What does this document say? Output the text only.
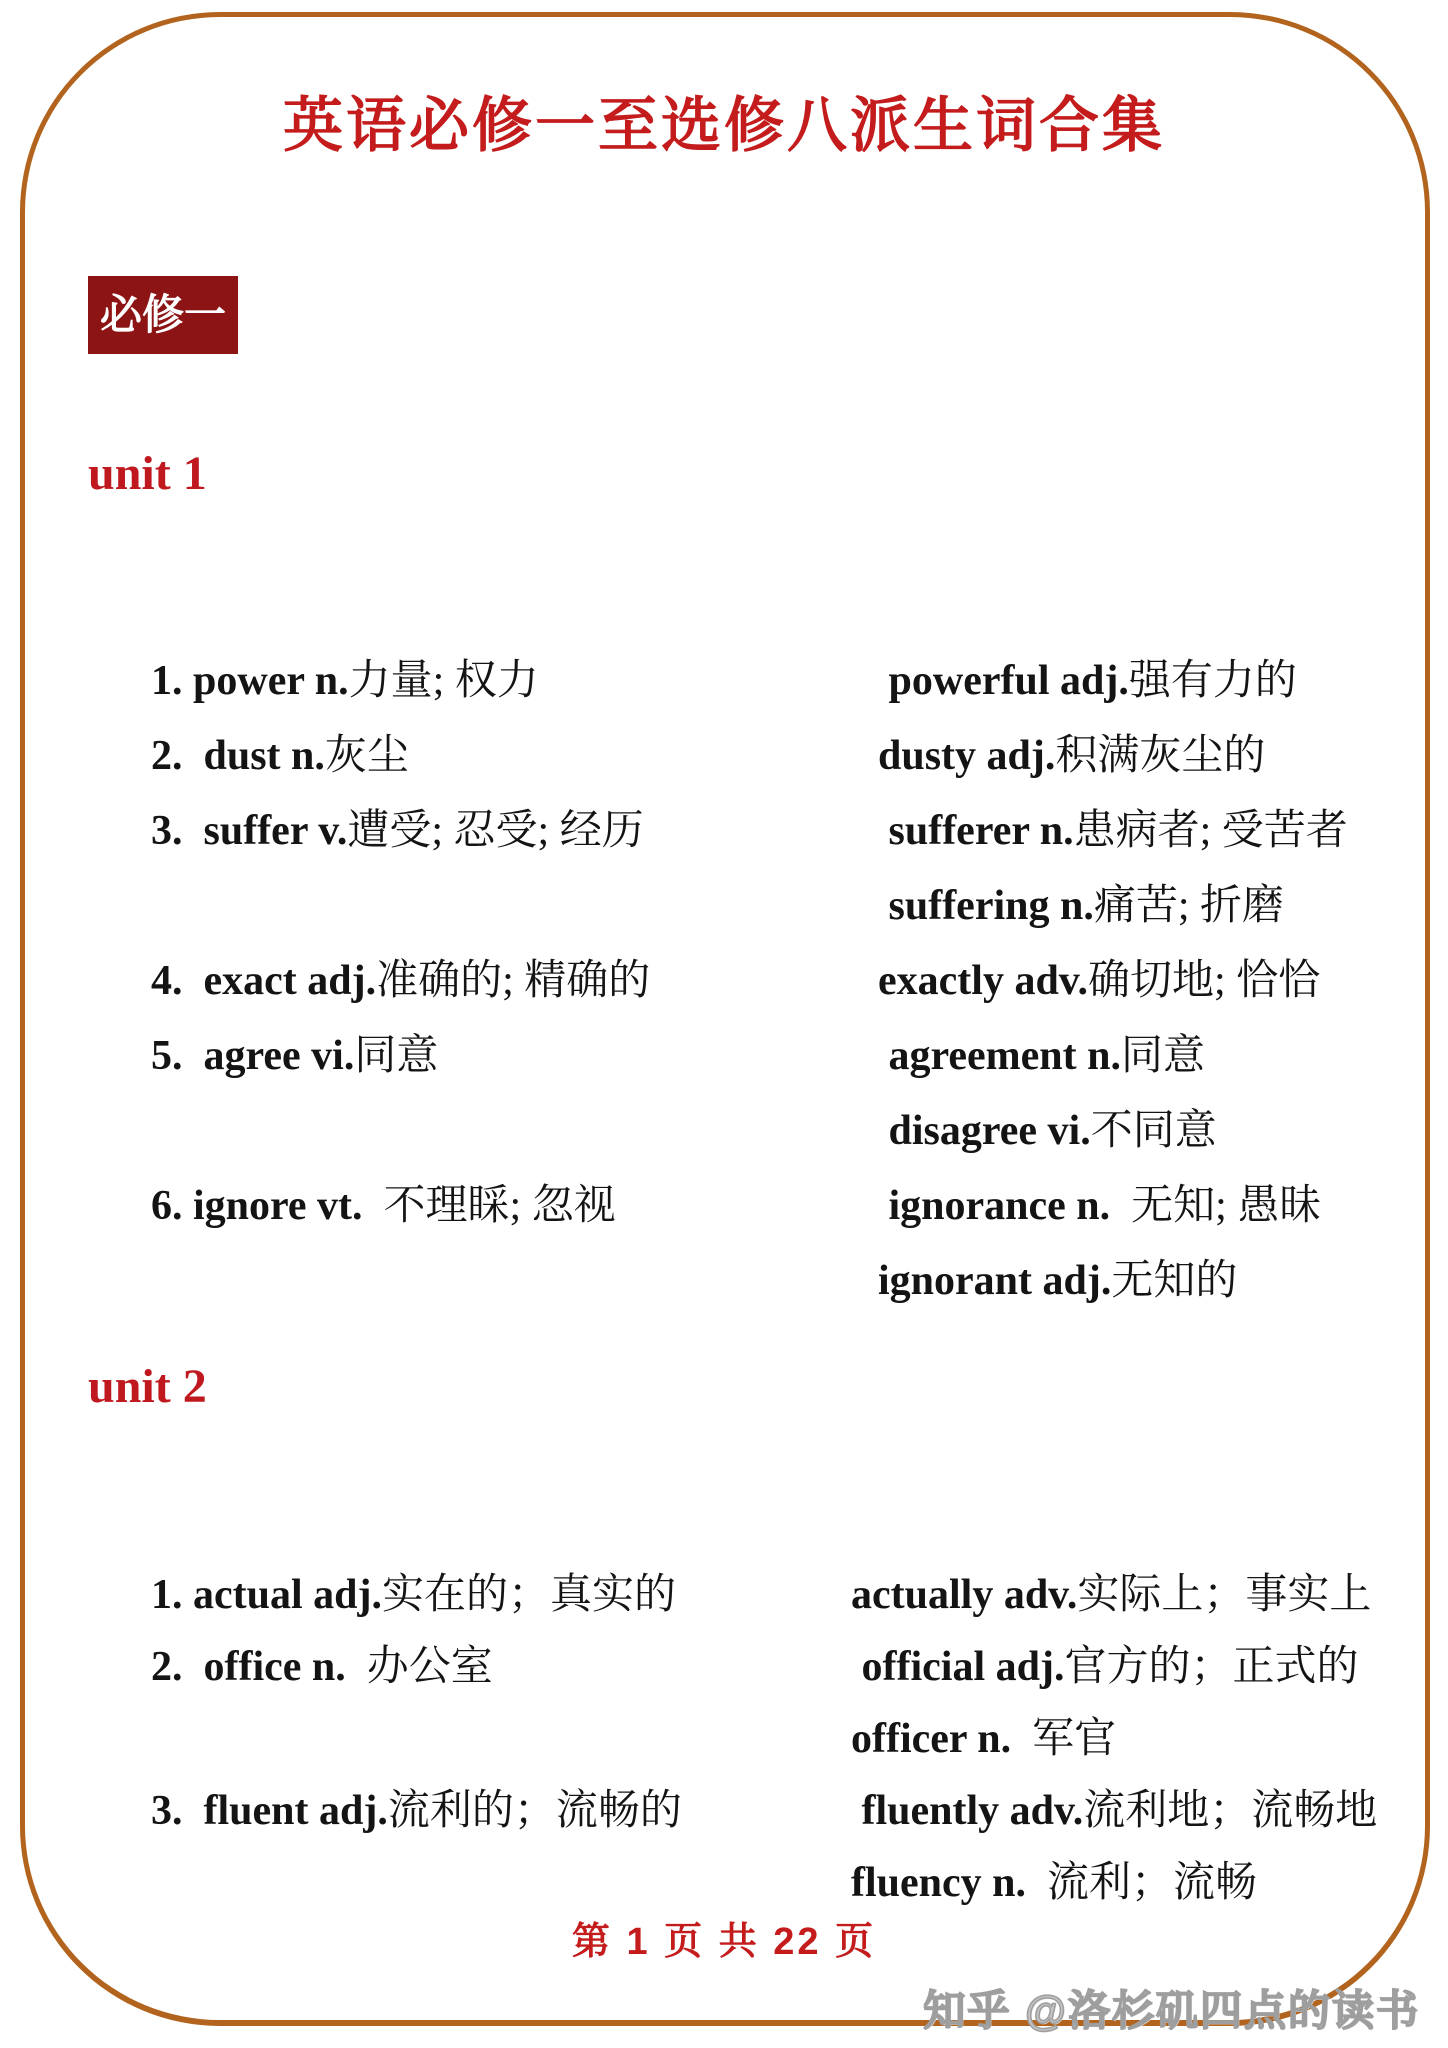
英语必修一至选修八派生词合集
必修一
unit 1

1. power n.力量; 权力
	powerful adj.强有力的

2.  dust n.灰尘
	dusty adj.积满灰尘的

3.  suffer v.遭受; 忍受; 经历
	sufferer n.患病者; 受苦者

suffering n.痛苦; 折磨

4.  exact adj.准确的; 精确的
	exactly adv.确切地; 恰恰

5.  agree vi.同意
	agreement n.同意

disagree vi.不同意

6. ignore vt.  不理睬; 忽视
	ignorance n.  无知; 愚昧

ignorant adj.无知的

unit 2

1. actual adj.实在的；真实的
	actually adv.实际上；事实上

2.  office n.  办公室
	official adj.官方的；正式的

officer n.  军官

3.  fluent adj.流利的；流畅的
	fluently adv.流利地；流畅地

fluency n.  流利；流畅

第 1 页 共 22 页
知乎 @洛杉矶四点的读书
